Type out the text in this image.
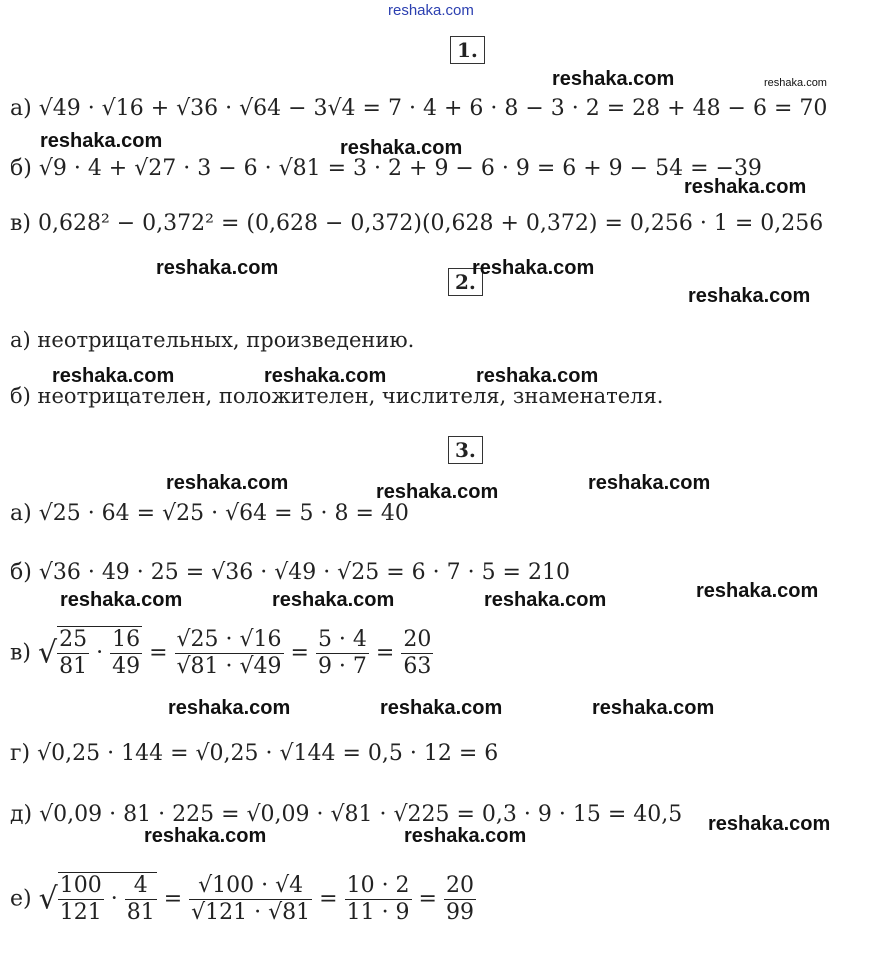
reshaka.com
1.
а) √49 · √16 + √36 · √64 − 3√4 = 7 · 4 + 6 · 8 − 3 · 2 = 28 + 48 − 6 = 70
б) √9 · 4 + √27 · 3 − 6 · √81 = 3 · 2 + 9 − 6 · 9 = 6 + 9 − 54 = −39
в) 0,628² − 0,372² = (0,628 − 0,372)(0,628 + 0,372) = 0,256 · 1 = 0,256
2.
а) неотрицательных, произведению.
б) неотрицателен, положителен, числителя, знаменателя.
3.
а) √25 · 64 = √25 · √64 = 5 · 8 = 40
б) √36 · 49 · 25 = √36 · √49 · √25 = 6 · 7 · 5 = 210
в) √ $\frac{25}{81} \cdot \frac{16}{49} = \frac{√25 \cdot √16}{√81 \cdot √49} = \frac{5 \cdot 4}{9 \cdot 7} = \frac{20}{63}$
г) √0,25 · 144 = √0,25 · √144 = 0,5 · 12 = 6
д) √0,09 · 81 · 225 = √0,09 · √81 · √225 = 0,3 · 9 · 15 = 40,5
е) √ $\frac{100}{121} \cdot \frac{4}{81} = \frac{√100 \cdot √4}{√121 \cdot √81} = \frac{10 \cdot 2}{11 \cdot 9} = \frac{20}{99}$
reshaka.com	reshaka.com
reshaka.com	reshaka.com
reshaka.com
reshaka.com	reshaka.com
reshaka.com
reshaka.com	reshaka.com	reshaka.com
reshaka.com	reshaka.com	reshaka.com
reshaka.com	reshaka.com	reshaka.com	reshaka.com
reshaka.com	reshaka.com	reshaka.com
reshaka.com	reshaka.com
reshaka.com
